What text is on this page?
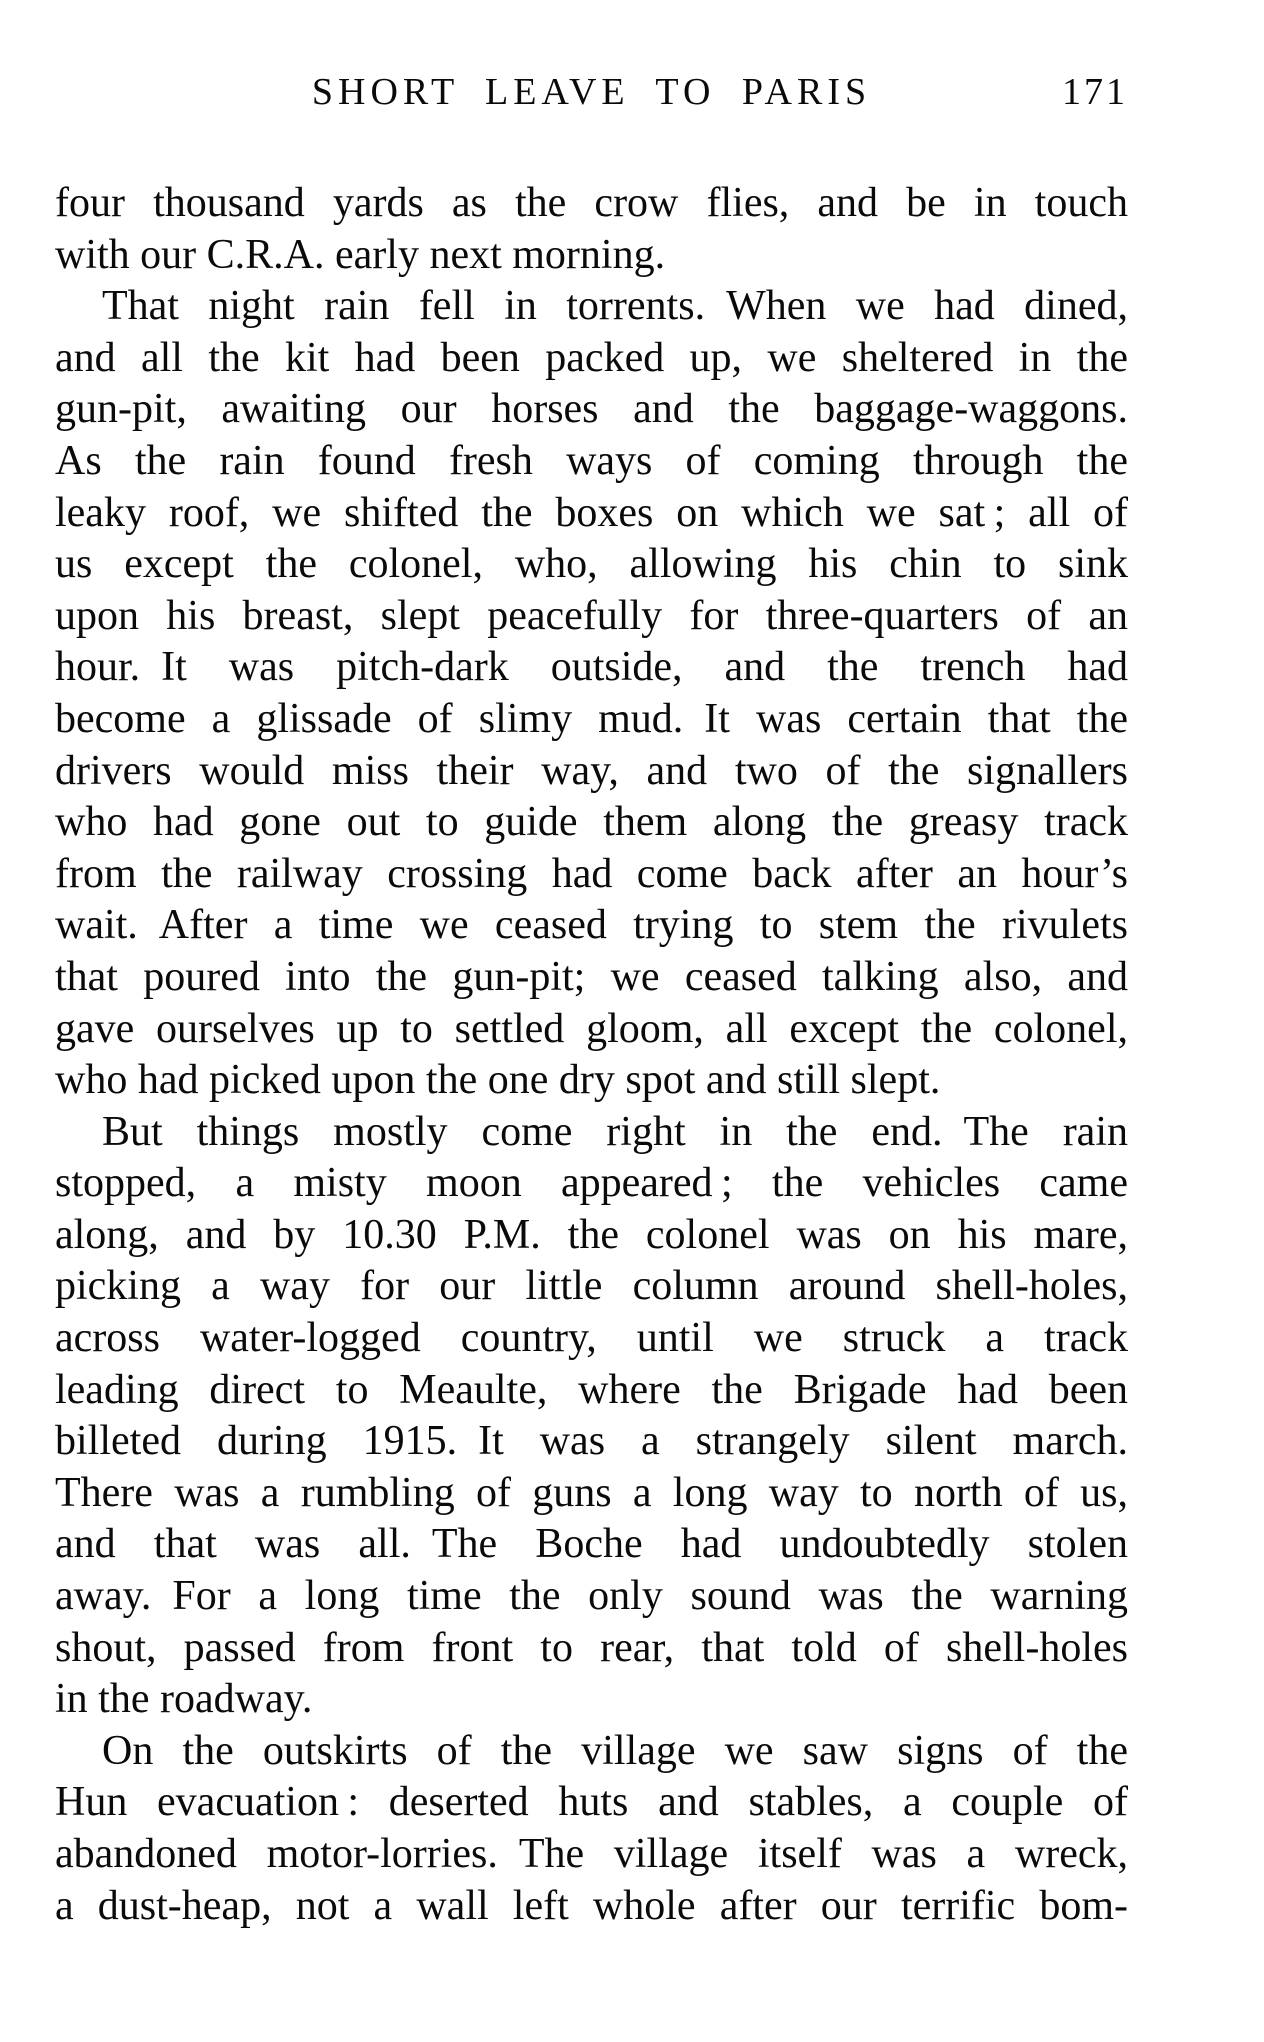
SHORT LEAVE TO PARIS	171
four thousand yards as the crow flies, and be in touch
with our C.R.A. early next morning.
That night rain fell in torrents. When we had dined,
and all the kit had been packed up, we sheltered in the
gun-pit, awaiting our horses and the baggage-waggons.
As the rain found fresh ways of coming through the
leaky roof, we shifted the boxes on which we sat ; all of
us except the colonel, who, allowing his chin to sink
upon his breast, slept peacefully for three-quarters of an
hour. It was pitch-dark outside, and the trench had
become a glissade of slimy mud. It was certain that the
drivers would miss their way, and two of the signallers
who had gone out to guide them along the greasy track
from the railway crossing had come back after an hour’s
wait. After a time we ceased trying to stem the rivulets
that poured into the gun-pit; we ceased talking also, and
gave ourselves up to settled gloom, all except the colonel,
who had picked upon the one dry spot and still slept.
But things mostly come right in the end. The rain
stopped, a misty moon appeared ; the vehicles came
along, and by 10.30 P.M. the colonel was on his mare,
picking a way for our little column around shell-holes,
across water-logged country, until we struck a track
leading direct to Meaulte, where the Brigade had been
billeted during 1915. It was a strangely silent march.
There was a rumbling of guns a long way to north of us,
and that was all. The Boche had undoubtedly stolen
away. For a long time the only sound was the warning
shout, passed from front to rear, that told of shell-holes
in the roadway.
On the outskirts of the village we saw signs of the
Hun evacuation : deserted huts and stables, a couple of
abandoned motor-lorries. The village itself was a wreck,
a dust-heap, not a wall left whole after our terrific bom-
